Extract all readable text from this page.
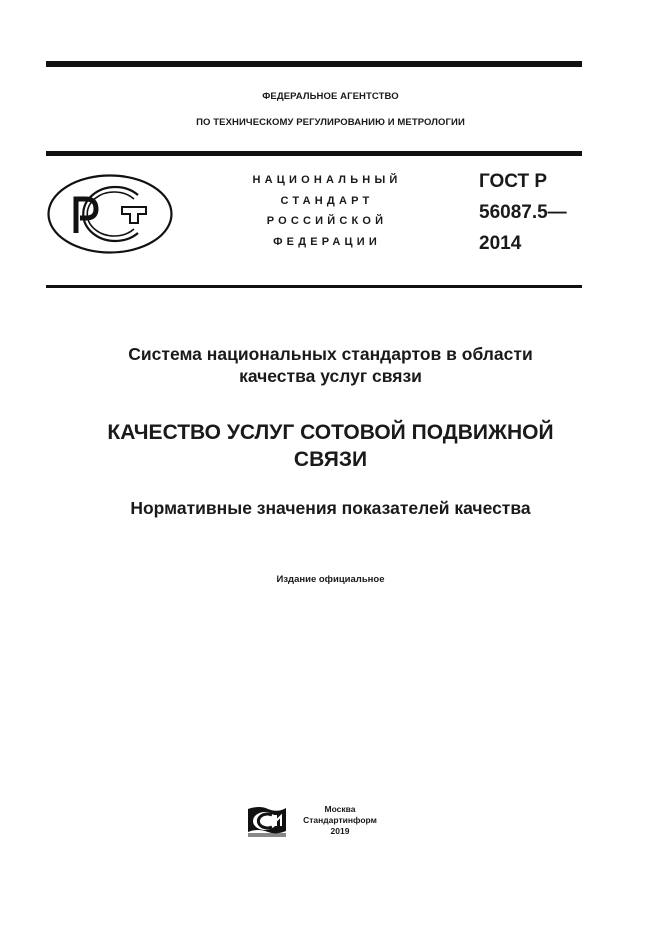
ФЕДЕРАЛЬНОЕ АГЕНТСТВО
ПО ТЕХНИЧЕСКОМУ РЕГУЛИРОВАНИЮ И МЕТРОЛОГИИ
НАЦИОНАЛЬНЫЙ
СТАНДАРТ
РОССИЙСКОЙ
ФЕДЕРАЦИИ
ГОСТ Р
56087.5—
2014
Система национальных стандартов в области
качества услуг связи
КАЧЕСТВО УСЛУГ СОТОВОЙ ПОДВИЖНОЙ
СВЯЗИ
Нормативные значения показателей качества
Издание официальное
Москва
Стандартинформ
2019
